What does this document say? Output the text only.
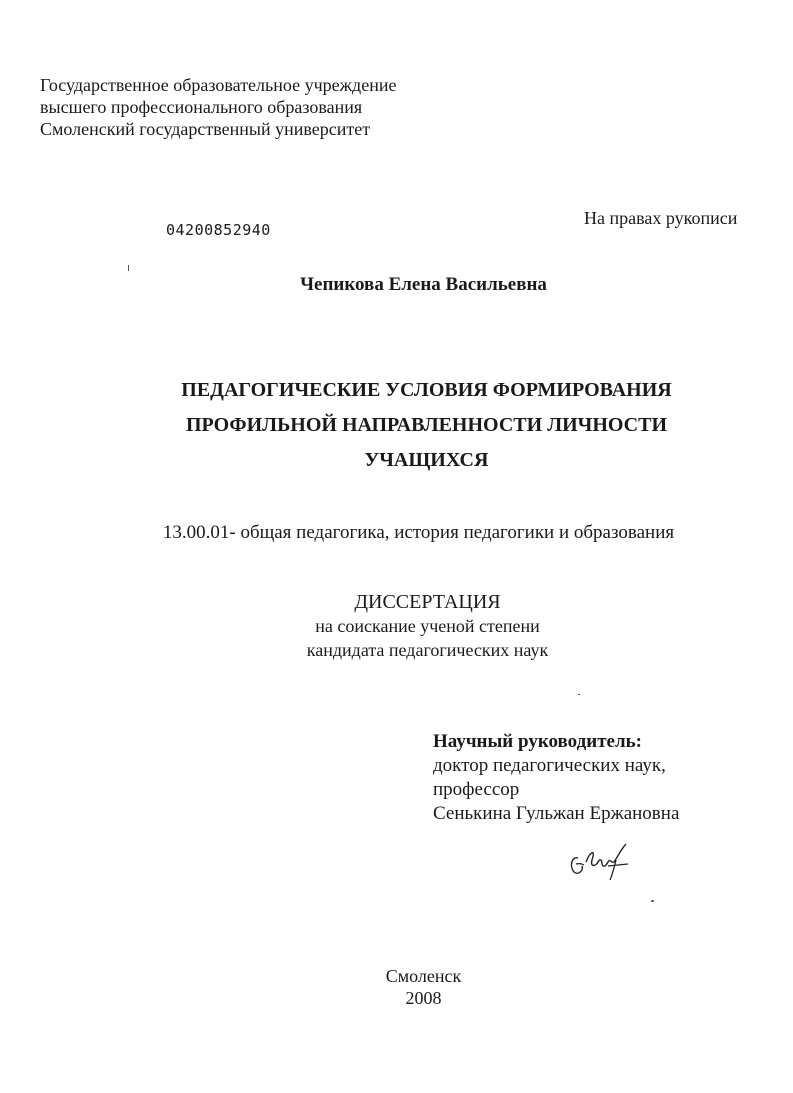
Государственное образовательное учреждение
высшего профессионального образования
Смоленский государственный университет
На правах рукописи
04200852940
Чепикова Елена Васильевна
ПЕДАГОГИЧЕСКИЕ УСЛОВИЯ ФОРМИРОВАНИЯ
ПРОФИЛЬНОЙ НАПРАВЛЕННОСТИ ЛИЧНОСТИ
УЧАЩИХСЯ
13.00.01- общая педагогика, история педагогики и образования
ДИССЕРТАЦИЯ
на соискание ученой степени
кандидата педагогических наук
Научный руководитель:
доктор педагогических наук,
профессор
Сенькина Гульжан Ержановна
Смоленск
2008
